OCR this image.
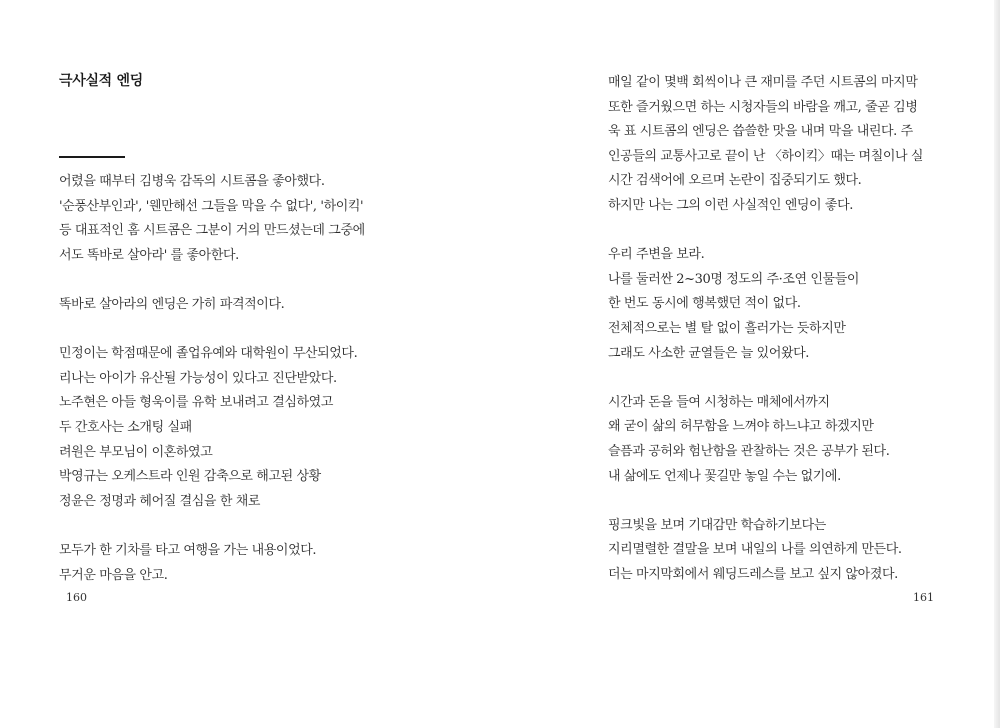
극사실적 엔딩
어렸을 때부터 김병욱 감독의 시트콤을 좋아했다.
'순풍산부인과', '웬만해선 그들을 막을 수 없다', '하이킥'
등 대표적인 홈 시트콤은 그분이 거의 만드셨는데 그중에
서도 똑바로 살아라' 를 좋아한다.
똑바로 살아라의 엔딩은 가히 파격적이다.
민정이는 학점때문에 졸업유예와 대학원이 무산되었다.
리나는 아이가 유산될 가능성이 있다고 진단받았다.
노주현은 아들 형욱이를 유학 보내려고 결심하였고
두 간호사는 소개팅 실패
려원은 부모님이 이혼하였고
박영규는 오케스트라 인원 감축으로 해고된 상황
정윤은 정명과 헤어질 결심을 한 채로
모두가 한 기차를 타고 여행을 가는 내용이었다.
무거운 마음을 안고.
160
매일 같이 몇백 회씩이나 큰 재미를 주던 시트콤의 마지막
또한 즐거웠으면 하는 시청자들의 바람을 깨고, 줄곧 김병
욱 표 시트콤의 엔딩은 씁쓸한 맛을 내며 막을 내린다. 주
인공들의 교통사고로 끝이 난 〈하이킥〉때는 며칠이나 실
시간 검색어에 오르며 논란이 집중되기도 했다.
하지만 나는 그의 이런 사실적인 엔딩이 좋다.
우리 주변을 보라.
나를 둘러싼 2~30명 정도의 주·조연 인물들이
한 번도 동시에 행복했던 적이 없다.
전체적으로는 별 탈 없이 흘러가는 듯하지만
그래도 사소한 균열들은 늘 있어왔다.
시간과 돈을 들여 시청하는 매체에서까지
왜 굳이 삶의 허무함을 느껴야 하느냐고 하겠지만
슬픔과 공허와 험난함을 관찰하는 것은 공부가 된다.
내 삶에도 언제나 꽃길만 놓일 수는 없기에.
핑크빛을 보며 기대감만 학습하기보다는
지리멸렬한 결말을 보며 내일의 나를 의연하게 만든다.
더는 마지막회에서 웨딩드레스를 보고 싶지 않아졌다.
161
